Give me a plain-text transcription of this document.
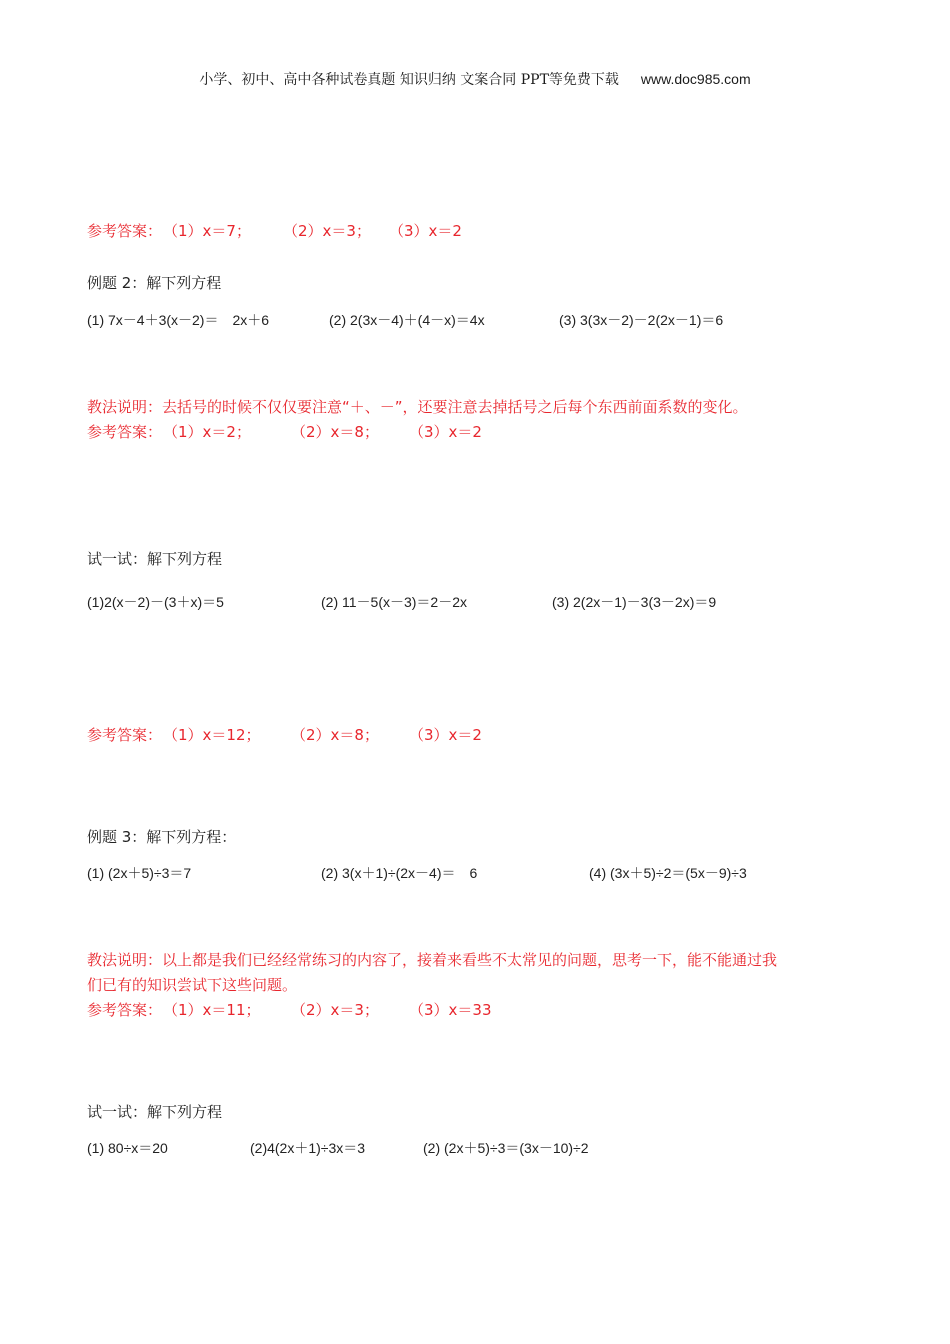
小学、初中、高中各种试卷真题 知识归纳 文案合同 PPT等免费下载 www.doc985.com
参考答案： （1）x＝7； （2）x＝3； （3）x＝2
例题 2：解下列方程
(1) 7x－4＋3(x－2)＝　2x＋6	(2) 2(3x－4)＋(4－x)＝4x	(3) 3(3x－2)－2(2x－1)＝6
教法说明：去括号的时候不仅仅要注意“＋、－”，还要注意去掉括号之后每个东西前面系数的变化。
参考答案： （1）x＝2；	（2）x＝8； （3）x＝2
试一试：解下列方程
(1)2(x－2)－(3＋x)＝5	(2) 11－5(x－3)＝2－2x	(3) 2(2x－1)－3(3－2x)＝9
参考答案： （1）x＝12； （2）x＝8； （3）x＝2
例题 3：解下列方程：
(1) (2x＋5)÷3＝7	(2) 3(x＋1)÷(2x－4)＝　6	(4) (3x＋5)÷2＝(5x－9)÷3
教法说明：以上都是我们已经经常练习的内容了，接着来看些不太常见的问题，思考一下，能不能通过我
们已有的知识尝试下这些问题。
参考答案： （1）x＝11； （2）x＝3； （3）x＝33
试一试：解下列方程
(1) 80÷x＝20	(2)4(2x＋1)÷3x＝3	(2) (2x＋5)÷3＝(3x－10)÷2
